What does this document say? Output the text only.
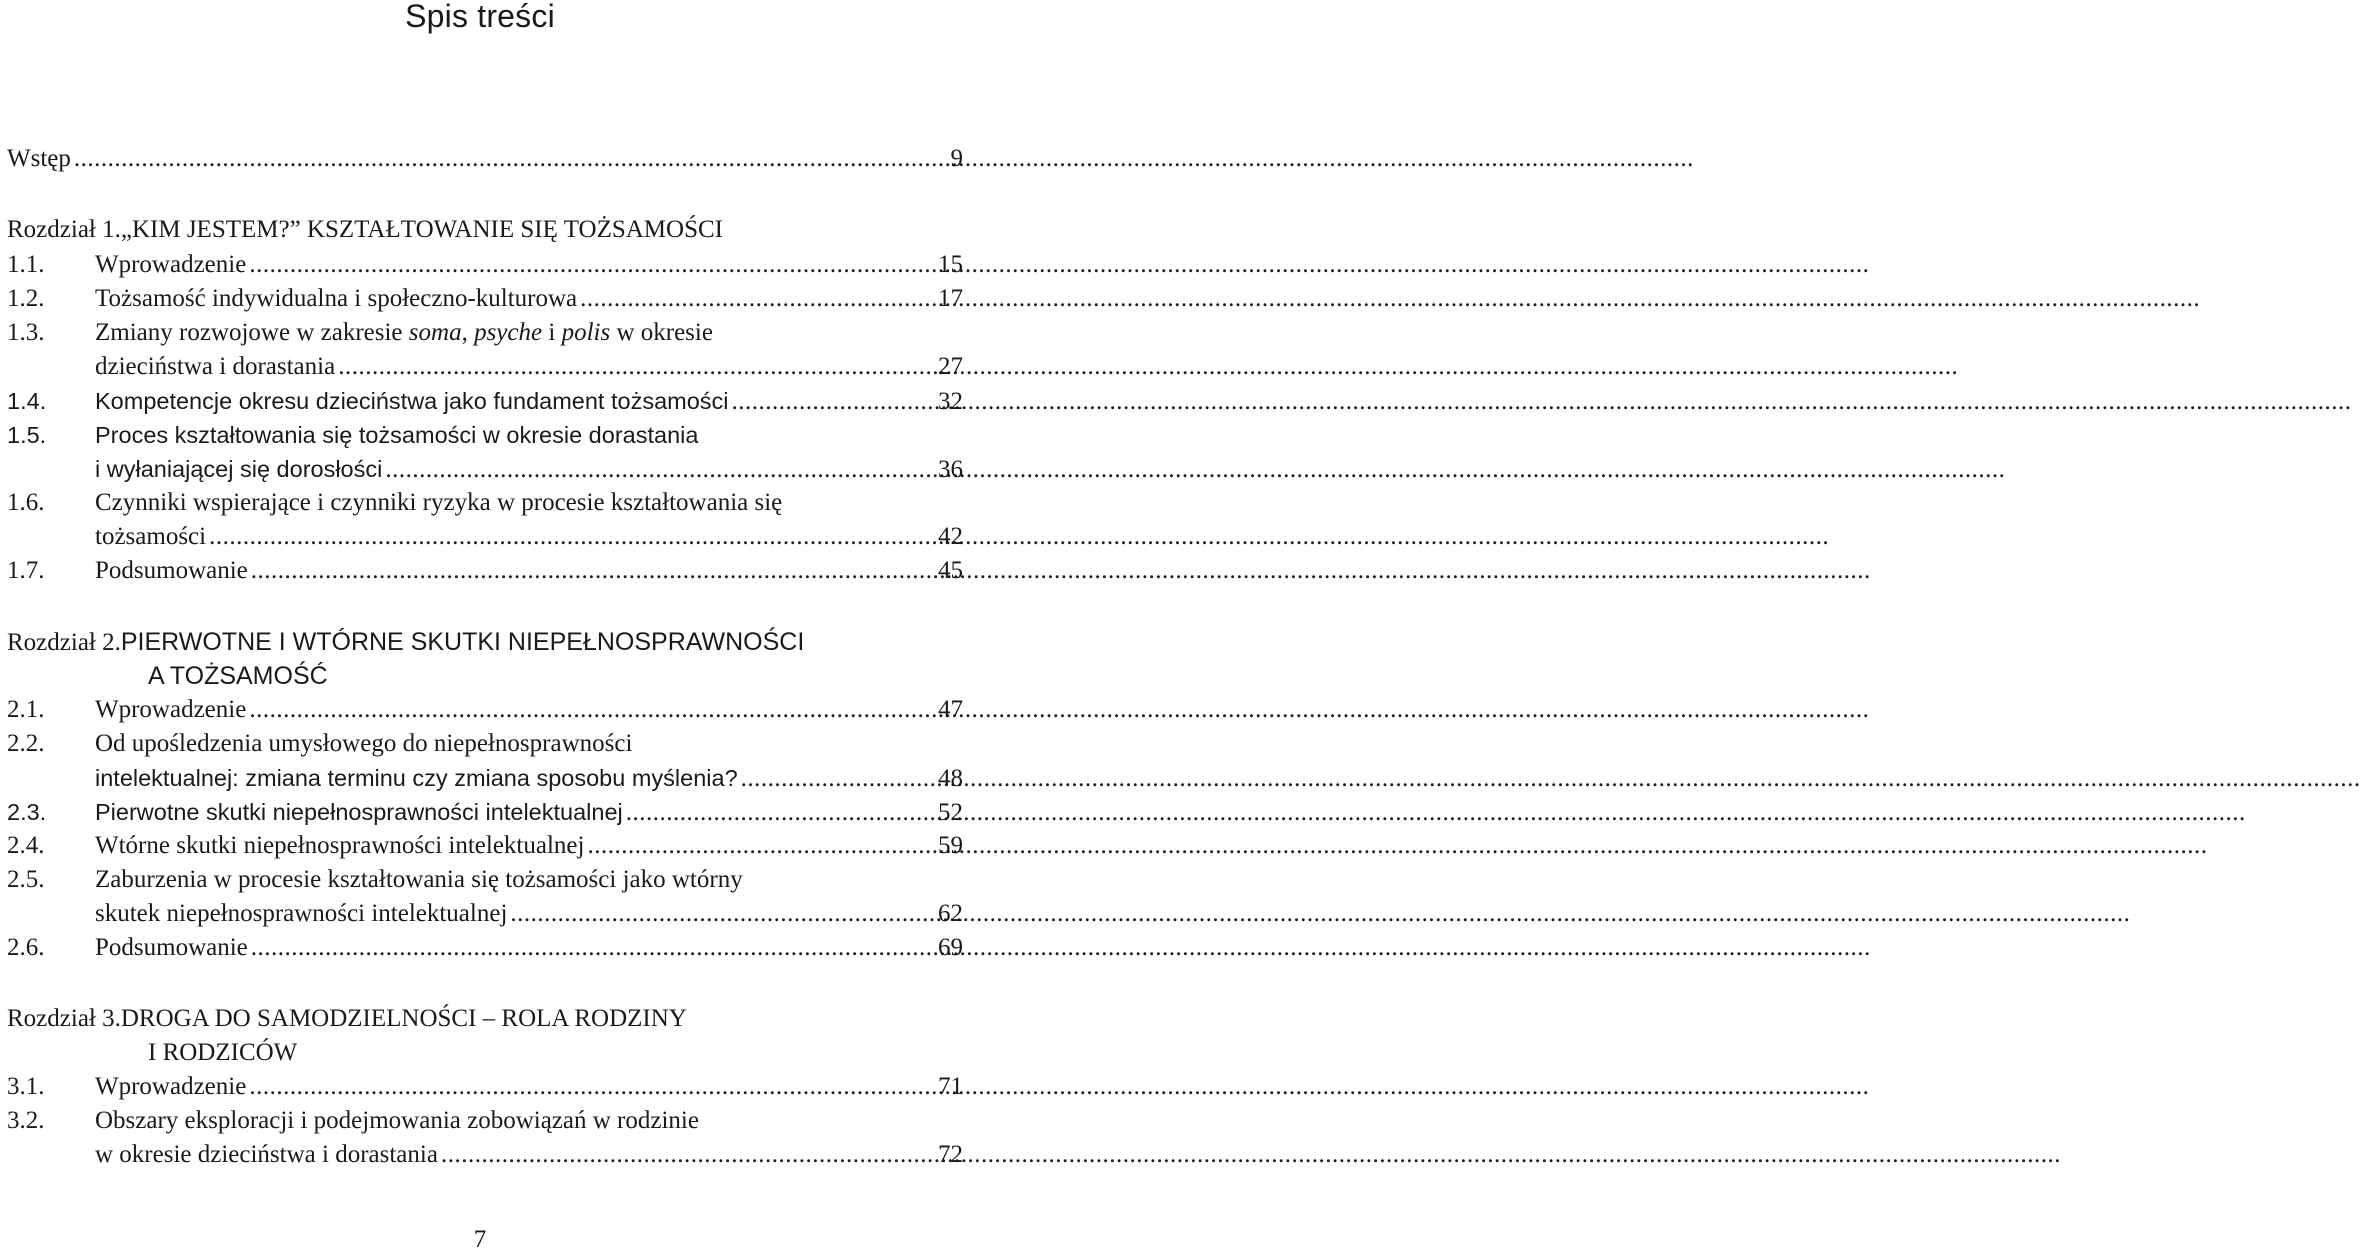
Spis treści
Wstęp .....	9
Rozdział 1.„KIM JESTEM?” KSZTAŁTOWANIE SIĘ TOŻSAMOŚCI
1.1.	Wprowadzenie .....	15
1.2.	Tożsamość indywidualna i społeczno-kulturowa .....	17
1.3.	Zmiany rozwojowe w zakresie soma, psyche i polis w okresie
dzieciństwa i dorastania .....	27
1.4.	Kompetencje okresu dzieciństwa jako fundament tożsamości .....	32
1.5.	Proces kształtowania się tożsamości w okresie dorastania
i wyłaniającej się dorosłości .....	36
1.6.	Czynniki wspierające i czynniki ryzyka w procesie kształtowania się
tożsamości .....	42
1.7.	Podsumowanie .....	45
Rozdział 2.PIERWOTNE I WTÓRNE SKUTKI NIEPEŁNOSPRAWNOŚCI
A TOŻSAMOŚĆ
2.1.	Wprowadzenie .....	47
2.2.	Od upośledzenia umysłowego do niepełnosprawności
intelektualnej: zmiana terminu czy zmiana sposobu myślenia? .....	48
2.3.	Pierwotne skutki niepełnosprawności intelektualnej .....	52
2.4.	Wtórne skutki niepełnosprawności intelektualnej .....	59
2.5.	Zaburzenia w procesie kształtowania się tożsamości jako wtórny
skutek niepełnosprawności intelektualnej .....	62
2.6.	Podsumowanie .....	69
Rozdział 3.DROGA DO SAMODZIELNOŚCI – ROLA RODZINY
I RODZICÓW
3.1.	Wprowadzenie .....	71
3.2.	Obszary eksploracji i podejmowania zobowiązań w rodzinie
w okresie dzieciństwa i dorastania .....	72
7
